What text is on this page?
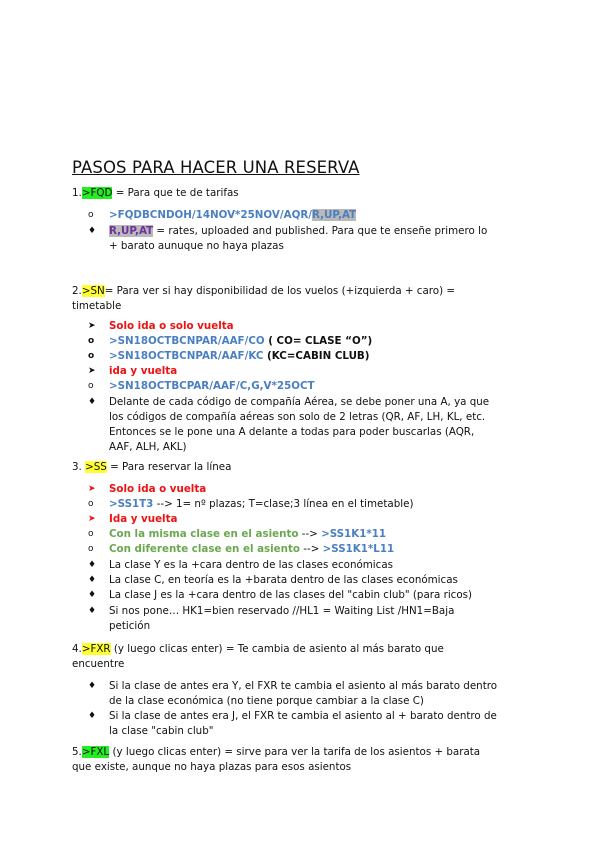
PASOS PARA HACER UNA RESERVA
1.>FQD = Para que te de tarifas
o	>FQDBCNDOH/14NOV*25NOV/AQR/R,UP,AT
♦	R,UP,AT = rates, uploaded and published. Para que te enseñe primero lo
+ barato aunuque no haya plazas
2.>SN= Para ver si hay disponibilidad de los vuelos (+izquierda + caro) =
timetable
➤	Solo ida o solo vuelta
o	>SN18OCTBCNPAR/AAF/CO ( CO= CLASE “O”)
o	>SN18OCTBCNPAR/AAF/KC (KC=CABIN CLUB)
➤	ida y vuelta
o	>SN18OCTBCPAR/AAF/C,G,V*25OCT
♦	Delante de cada código de compañía Aérea, se debe poner una A, ya que
los códigos de compañía aéreas son solo de 2 letras (QR, AF, LH, KL, etc.
Entonces se le pone una A delante a todas para poder buscarlas (AQR,
AAF, ALH, AKL)
3. >SS = Para reservar la línea
➤	Solo ida o vuelta
o	>SS1T3 --> 1= nº plazas; T=clase;3 línea en el timetable)
➤	Ida y vuelta
o	Con la misma clase en el asiento --> >SS1K1*11
o	Con diferente clase en el asiento --> >SS1K1*L11
♦	La clase Y es la +cara dentro de las clases económicas
♦	La clase C, en teoría es la +barata dentro de las clases económicas
♦	La clase J es la +cara dentro de las clases del "cabin club" (para ricos)
♦	Si nos pone… HK1=bien reservado //HL1 = Waiting List /HN1=Baja
petición
4.>FXR (y luego clicas enter) = Te cambia de asiento al más barato que
encuentre
♦	Si la clase de antes era Y, el FXR te cambia el asiento al más barato dentro
de la clase económica (no tiene porque cambiar a la clase C)
♦	Si la clase de antes era J, el FXR te cambia el asiento al + barato dentro de
la clase "cabin club"
5.>FXL (y luego clicas enter) = sirve para ver la tarifa de los asientos + barata
que existe, aunque no haya plazas para esos asientos
